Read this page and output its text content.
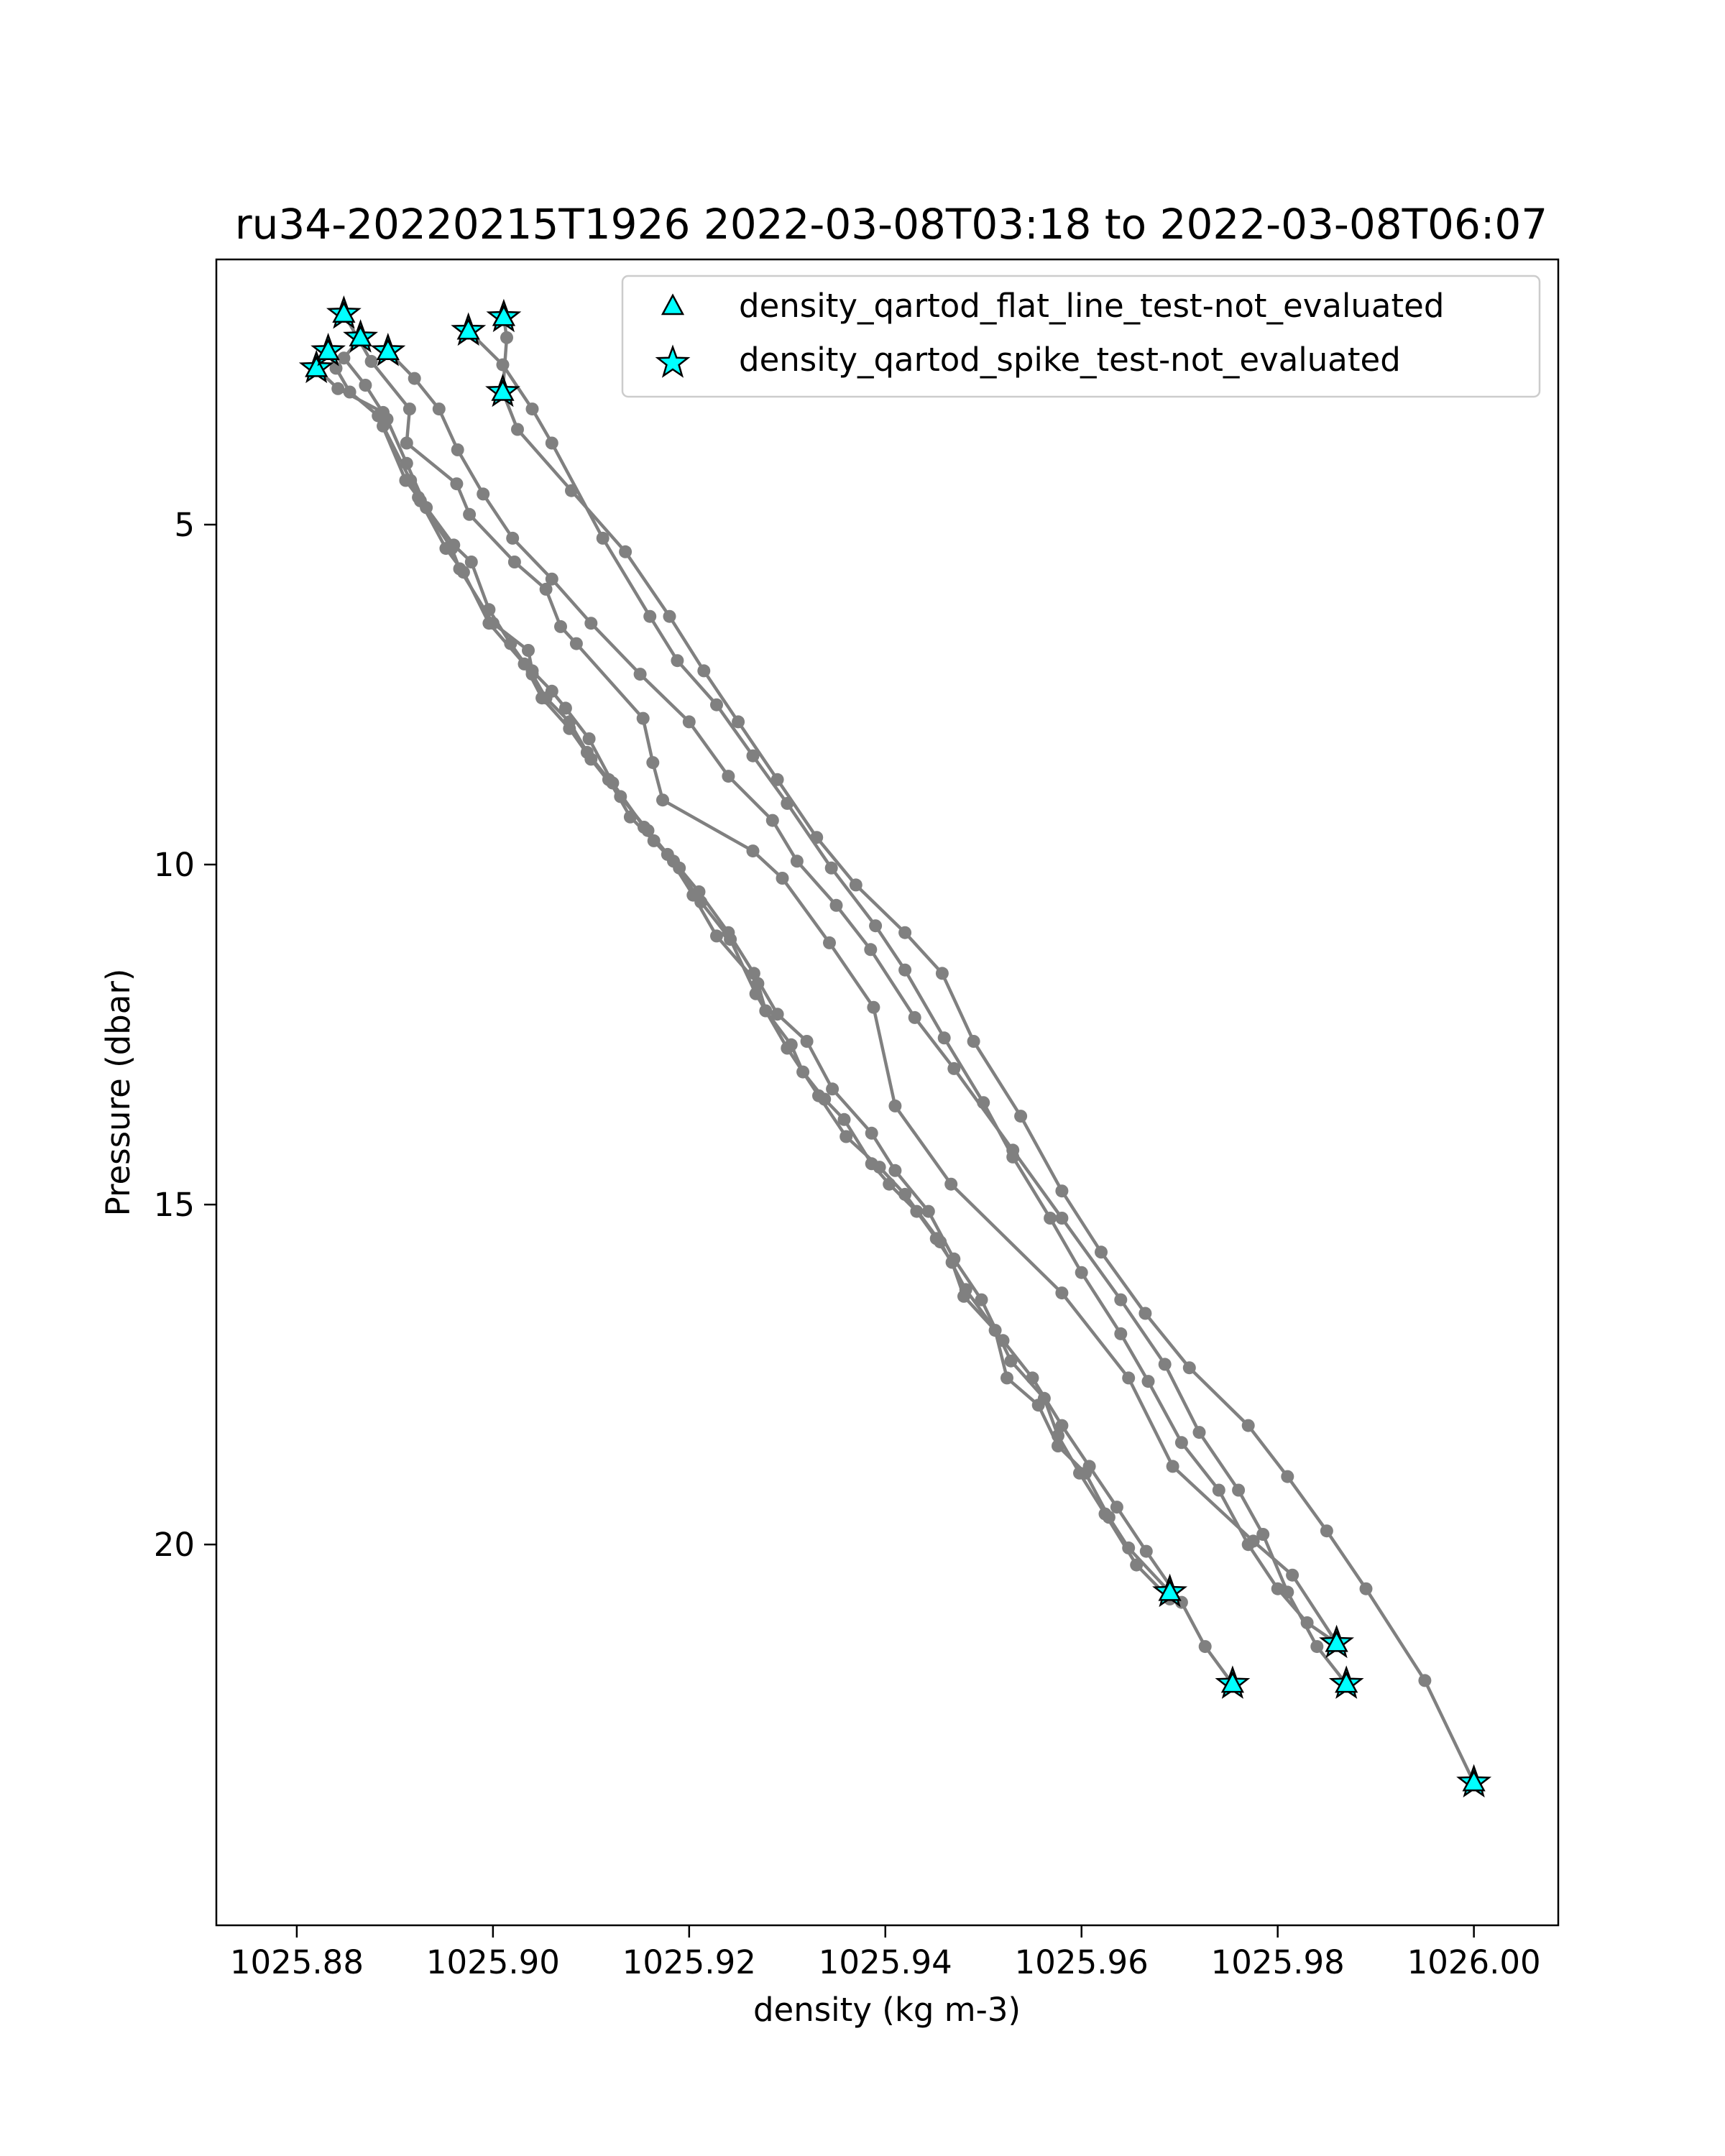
ru34-20220215T1926 2022-03-08T03:18 to 2022-03-08T06:07
1025.88 1025.90 1025.92 1025.94 1025.96 1025.98 1026.00
5
10
15
20
density (kg m-3)
Pressure (dbar)
density_qartod_flat_line_test-not_evaluated
density_qartod_spike_test-not_evaluated
